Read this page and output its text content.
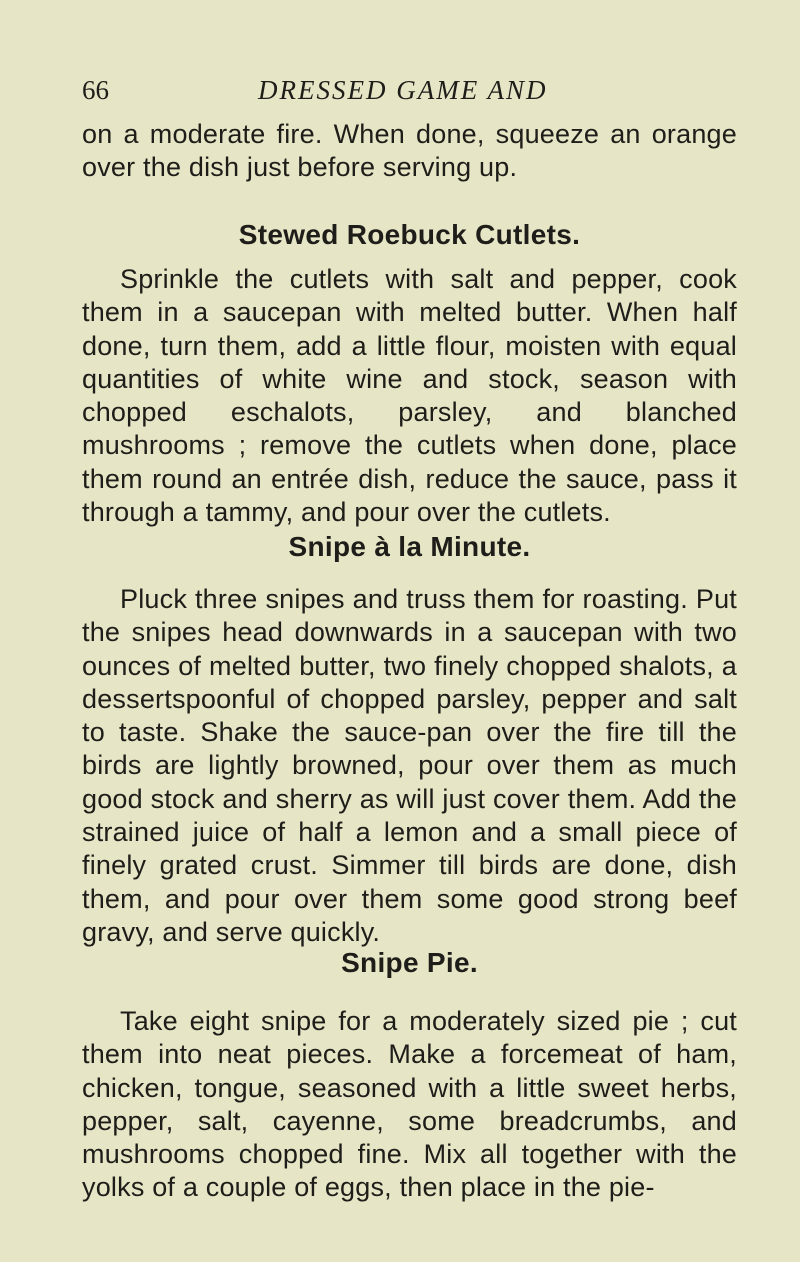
66	DRESSED GAME AND

on a moderate fire. When done, squeeze an orange over the dish just before serving up.

Stewed Roebuck Cutlets.

Sprinkle the cutlets with salt and pepper, cook them in a saucepan with melted butter. When half done, turn them, add a little flour, moisten with equal quantities of white wine and stock, season with chopped eschalots, parsley, and blanched mushrooms ; remove the cutlets when done, place them round an entrée dish, reduce the sauce, pass it through a tammy, and pour over the cutlets.

Snipe à la Minute.

Pluck three snipes and truss them for roasting. Put the snipes head downwards in a saucepan with two ounces of melted butter, two finely chopped shalots, a dessertspoonful of chopped parsley, pepper and salt to taste. Shake the sauce-pan over the fire till the birds are lightly browned, pour over them as much good stock and sherry as will just cover them. Add the strained juice of half a lemon and a small piece of finely grated crust. Simmer till birds are done, dish them, and pour over them some good strong beef gravy, and serve quickly.

Snipe Pie.

Take eight snipe for a moderately sized pie ; cut them into neat pieces. Make a forcemeat of ham, chicken, tongue, seasoned with a little sweet herbs, pepper, salt, cayenne, some breadcrumbs, and mushrooms chopped fine. Mix all together with the yolks of a couple of eggs, then place in the pie-
